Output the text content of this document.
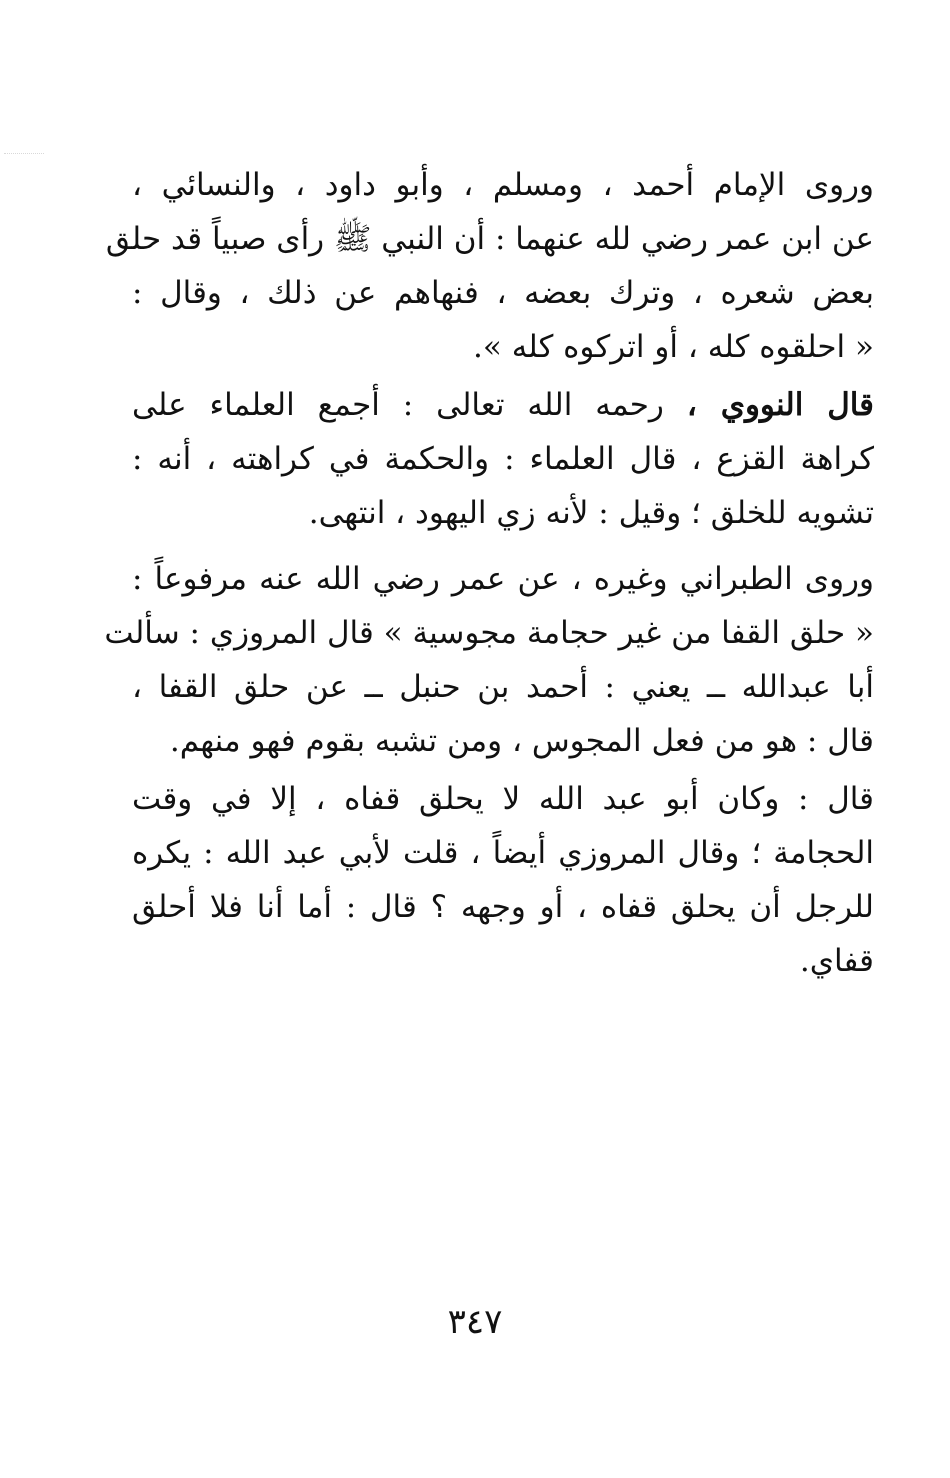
وروى الإمام أحمد ، ومسلم ، وأبو داود ، والنسائي ،
عن ابن عمر رضي لله عنهما : أن النبي ﷺ رأى صبياً قد حلق
بعض شعره ، وترك بعضه ، فنهاهم عن ذلك ، وقال :
« احلقوه كله ، أو اتركوه كله ».

قال النووي ، رحمه الله تعالى : أجمع العلماء على
كراهة القزع ، قال العلماء : والحكمة في كراهته ، أنه :
تشويه للخلق ؛ وقيل : لأنه زي اليهود ، انتهى.

وروى الطبراني وغيره ، عن عمر رضي الله عنه مرفوعاً :
« حلق القفا من غير حجامة مجوسية » قال المروزي : سألت
أبا عبدالله ــ يعني : أحمد بن حنبل ــ عن حلق القفا ،
قال : هو من فعل المجوس ، ومن تشبه بقوم فهو منهم.

قال : وكان أبو عبد الله لا يحلق قفاه ، إلا في وقت
الحجامة ؛ وقال المروزي أيضاً ، قلت لأبي عبد الله : يكره
للرجل أن يحلق قفاه ، أو وجهه ؟ قال : أما أنا فلا أحلق
قفاي.

٣٤٧
